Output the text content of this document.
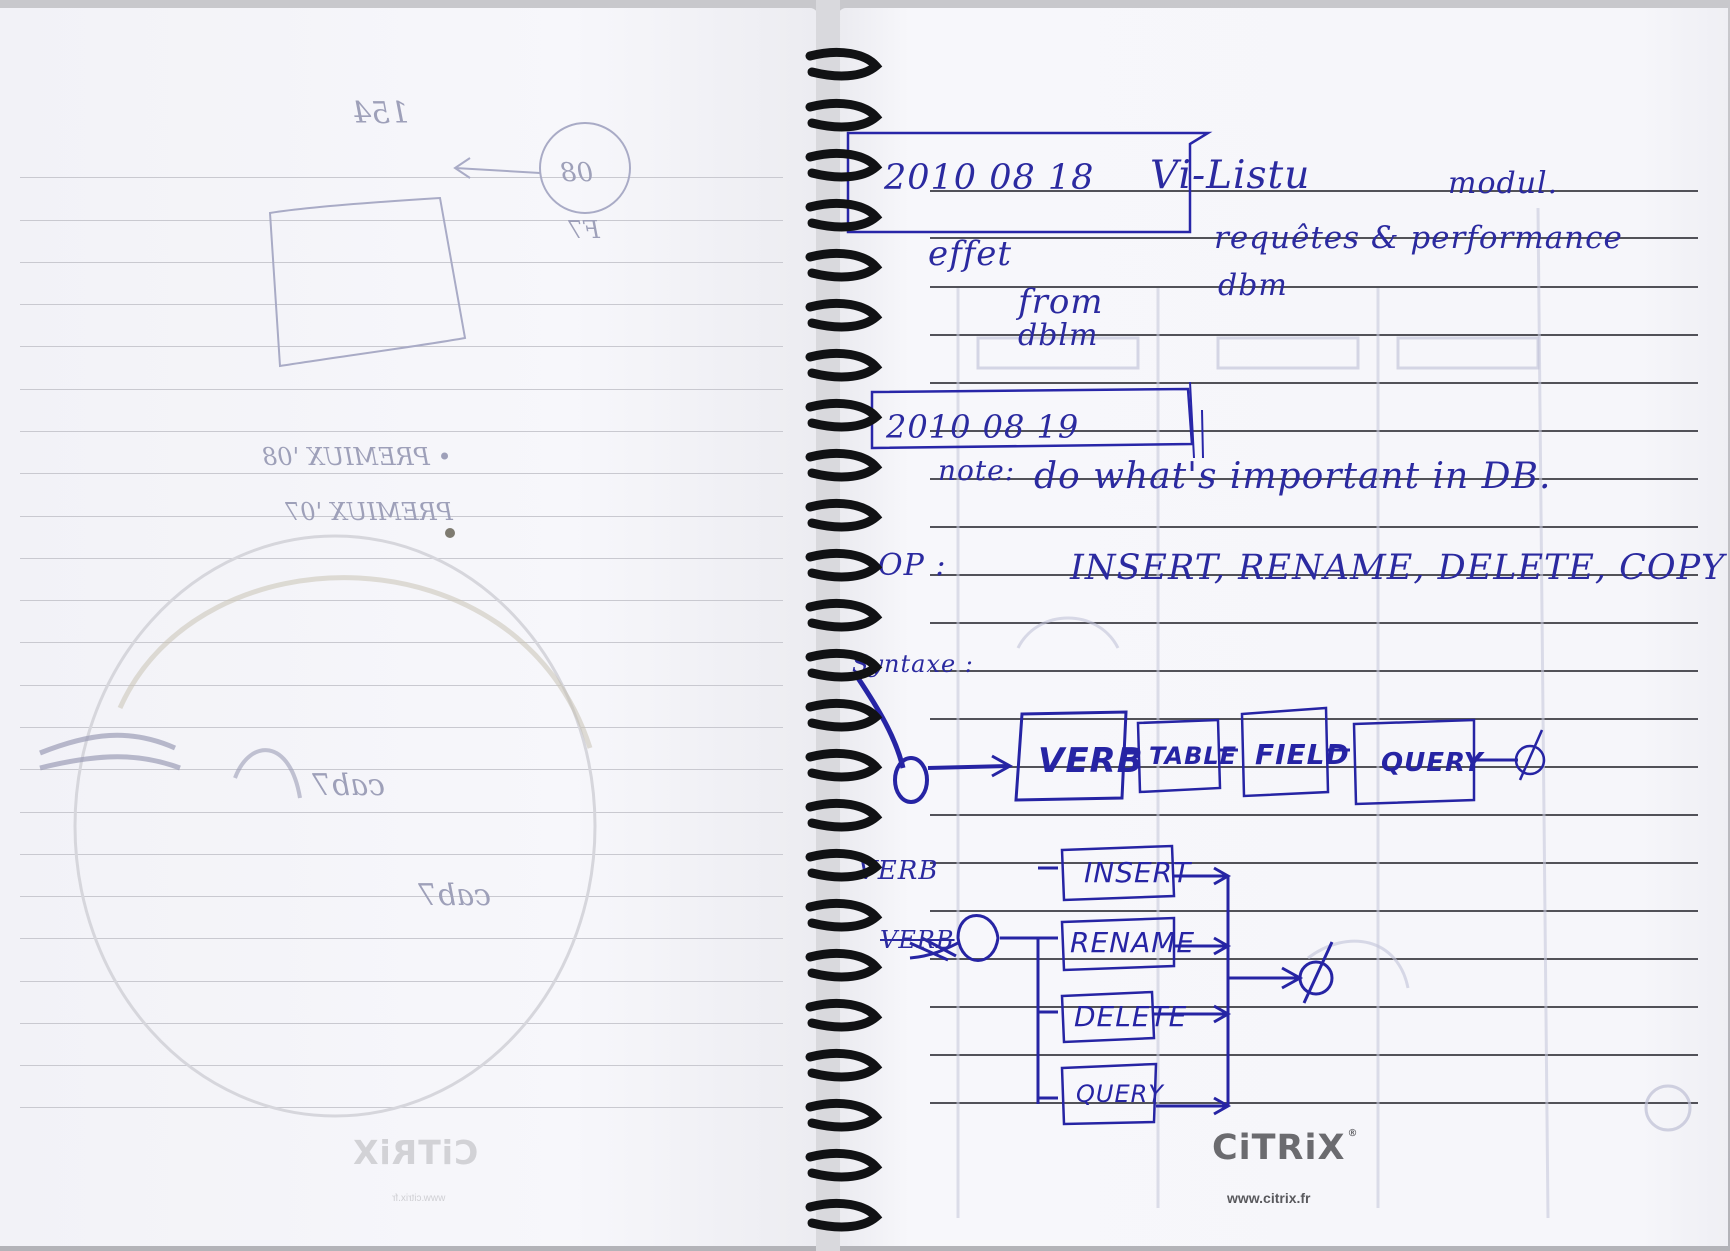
154
08
F7
• PREMIUX '08
PREMIUX '07
cab7
cab7
CiTRiX
www.citrix.fr
2010 08 18 Vi-Listu	modul.
effet	requêtes & performance
from	dbm
dblm
2010 08 19
note: do what's important in DB.
OP :	INSERT, RENAME, DELETE, COPY
Syntaxe :
VERB TABLE FIELD QUERY
VERB
VERB
INSERT
RENAME
DELETE
QUERY
CiTRiX ®
www.citrix.fr
